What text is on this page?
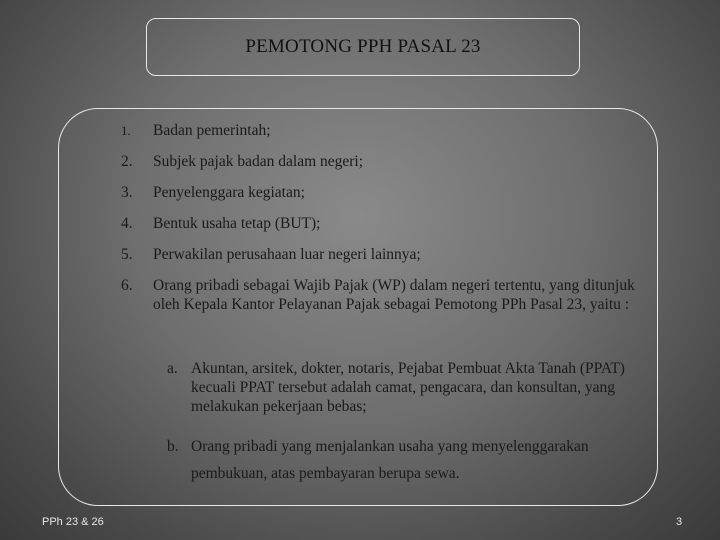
PEMOTONG PPH PASAL 23
1.	Badan pemerintah;
2.	Subjek pajak badan dalam negeri;
3.	Penyelenggara kegiatan;
4.	Bentuk usaha tetap (BUT);
5.	Perwakilan perusahaan luar negeri lainnya;
6.	Orang pribadi sebagai Wajib Pajak (WP) dalam negeri tertentu, yang ditunjuk oleh Kepala Kantor Pelayanan Pajak sebagai Pemotong PPh Pasal 23, yaitu :
a. Akuntan, arsitek, dokter, notaris, Pejabat Pembuat Akta Tanah (PPAT) kecuali PPAT tersebut adalah camat, pengacara, dan konsultan, yang melakukan pekerjaan bebas;
b. Orang pribadi yang menjalankan usaha yang menyelenggarakan pembukuan, atas pembayaran berupa sewa.
PPh 23 & 26	3
